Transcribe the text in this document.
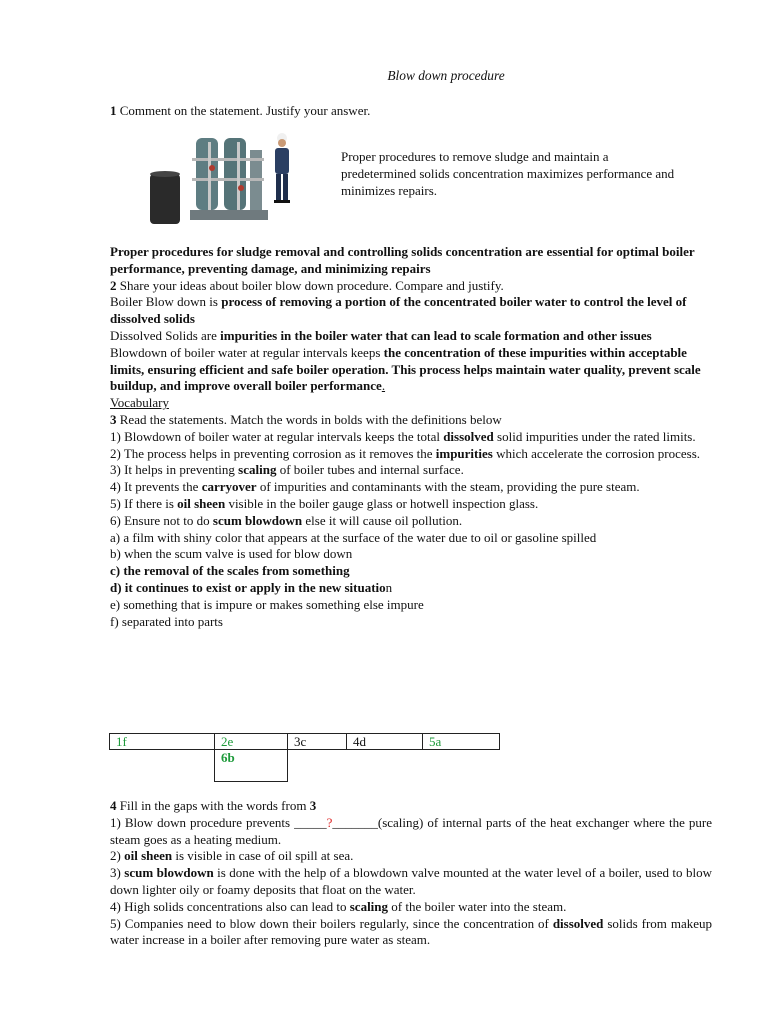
Blow down procedure
1 Comment on the statement. Justify your answer.
Proper procedures to remove sludge and maintain a predetermined solids concentration maximizes performance and minimizes repairs.

Proper procedures for sludge removal and controlling solids concentration are essential for optimal boiler performance, preventing damage, and minimizing repairs

2 Share your ideas about boiler blow down procedure. Compare and justify.

Boiler Blow down is process of removing a portion of the concentrated boiler water to control the level of dissolved solids

Dissolved Solids are impurities in the boiler water that can lead to scale formation and other issues

Blowdown of boiler water at regular intervals keeps the concentration of these impurities within acceptable limits, ensuring efficient and safe boiler operation. This process helps maintain water quality, prevent scale buildup, and improve overall boiler performance.

Vocabulary

3 Read the statements. Match the words in bolds with the definitions below

1) Blowdown of boiler water at regular intervals keeps the total dissolved solid impurities under the rated limits.

2) The process helps in preventing corrosion as it removes the impurities which accelerate the corrosion process.

3) It helps in preventing scaling of boiler tubes and internal surface.

4) It prevents the carryover of impurities and contaminants with the steam, providing the pure steam.

5) If there is oil sheen visible in the boiler gauge glass or hotwell inspection glass.

6) Ensure not to do scum blowdown else it will cause oil pollution.

a) a film with shiny color that appears at the surface of the water due to oil or gasoline spilled

b) when the scum valve is used for blow down

c) the removal of the scales from something

d) it continues to exist or apply in the new situation

e) something that is impure or makes something else impure

f) separated into parts

1f	2e	3c	4d	5a
	6b			

4 Fill in the gaps with the words from 3

1) Blow down procedure prevents _____?_______(scaling) of internal parts of the heat exchanger where the pure steam goes as a heating medium.

2) oil sheen is visible in case of oil spill at sea.

3) scum blowdown is done with the help of a blowdown valve mounted at the water level of a boiler, used to blow down lighter oily or foamy deposits that float on the water.

4) High solids concentrations also can lead to scaling of the boiler water into the steam.

5) Companies need to blow down their boilers regularly, since the concentration of dissolved solids from makeup water increase in a boiler after removing pure water as steam.
